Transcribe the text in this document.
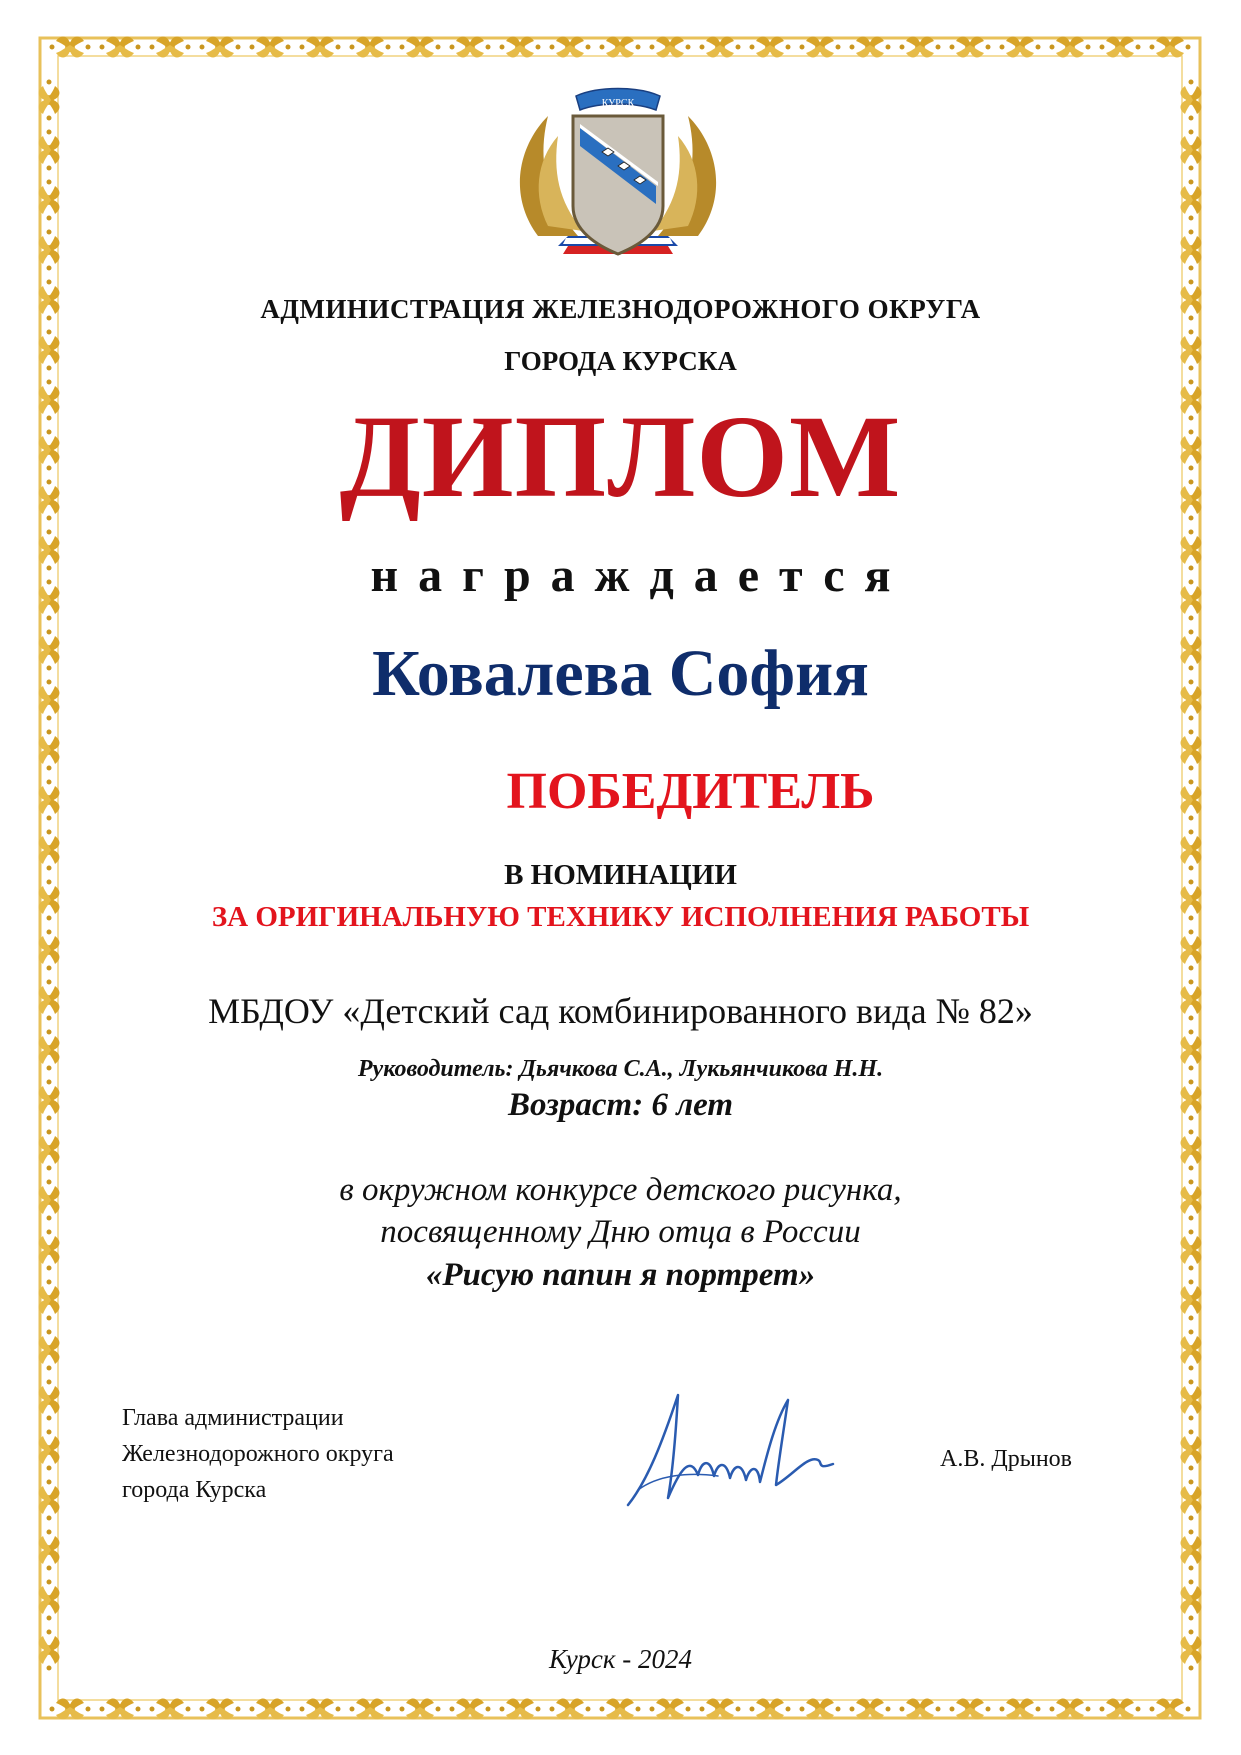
КУРСК
АДМИНИСТРАЦИЯ ЖЕЛЕЗНОДОРОЖНОГО ОКРУГА
ГОРОДА КУРСКА
ДИПЛОМ
награждается
Ковалева София
ПОБЕДИТЕЛЬ
В НОМИНАЦИИ
ЗА ОРИГИНАЛЬНУЮ ТЕХНИКУ ИСПОЛНЕНИЯ РАБОТЫ
МБДОУ «Детский сад комбинированного вида № 82»
Руководитель: Дьячкова С.А., Лукьянчикова Н.Н.
Возраст: 6 лет
в окружном конкурсе детского рисунка,
посвященному Дню отца в России
«Рисую папин я портрет»
Глава администрации
Железнодорожного округа
города Курска
А.В. Дрынов
Курск - 2024
